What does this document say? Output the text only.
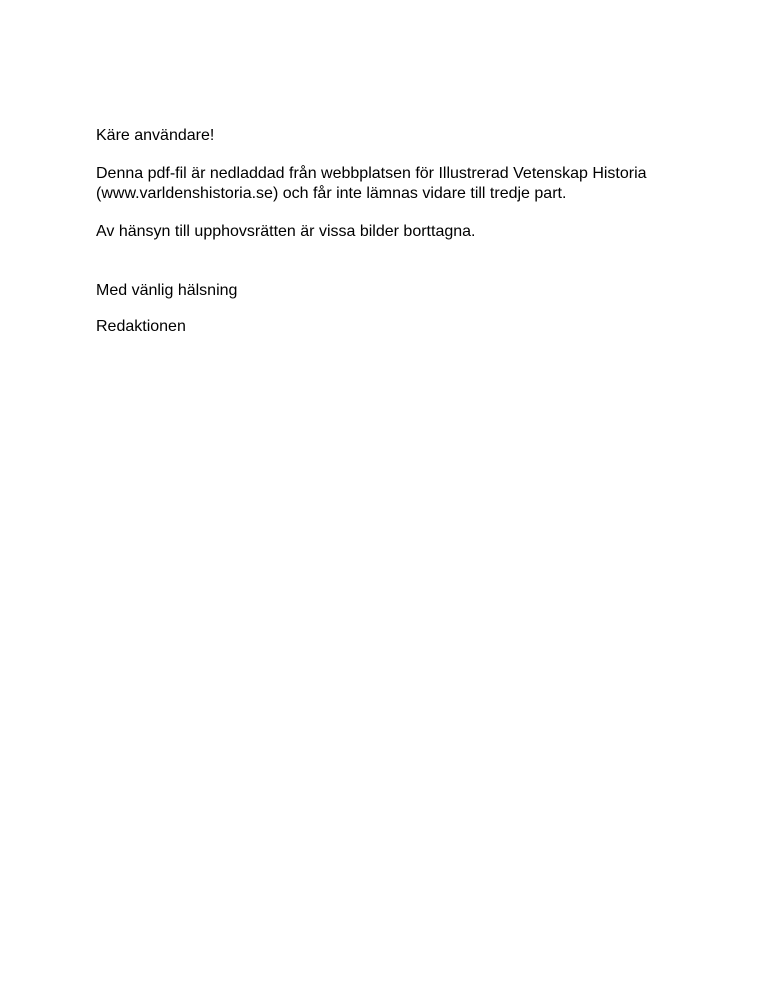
Käre användare!

Denna pdf-fil är nedladdad från webbplatsen för Illustrerad Vetenskap Historia

(www.varldenshistoria.se) och får inte lämnas vidare till tredje part.

Av hänsyn till upphovsrätten är vissa bilder borttagna.

Med vänlig hälsning

Redaktionen
